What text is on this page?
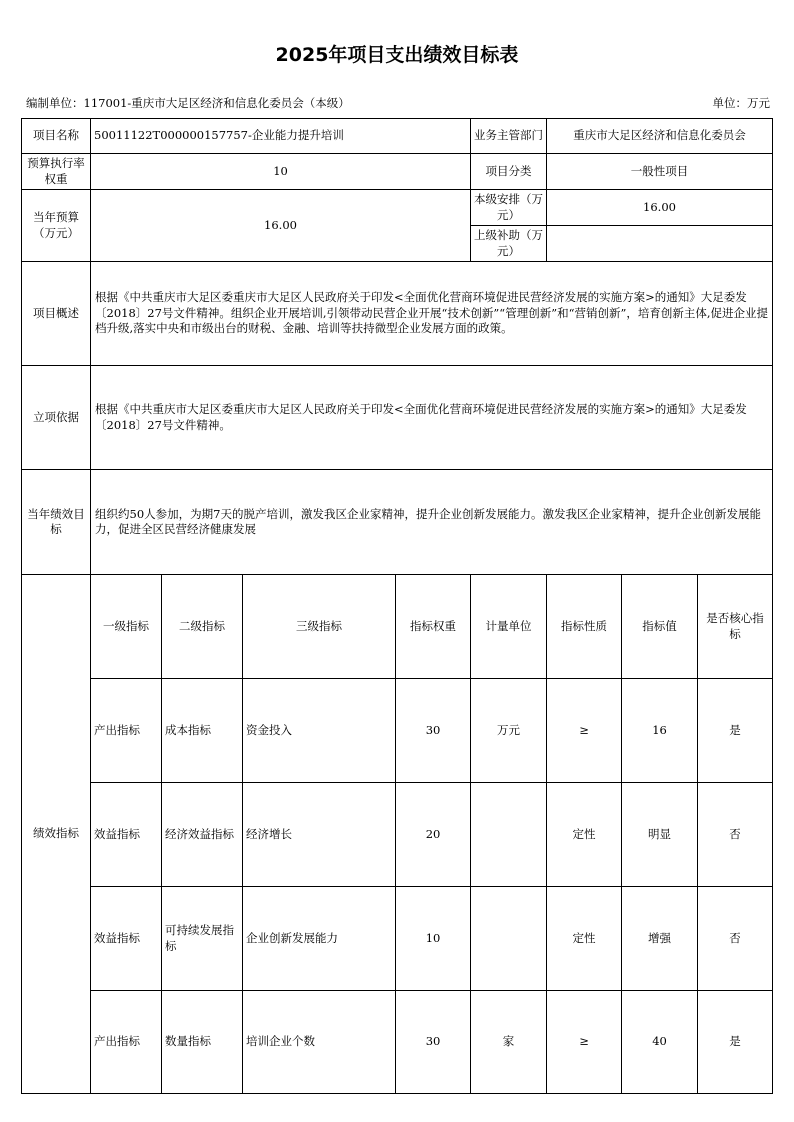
2025年项目支出绩效目标表
编制单位：117001-重庆市大足区经济和信息化委员会（本级）	单位：万元
项目名称	50011122T000000157757-企业能力提升培训				业务主管部门	重庆市大足区经济和信息化委员会		
预算执行率权重	10				项目分类	一般性项目		
当年预算（万元）	16.00				本级安排（万元）	16.00		
					上级补助（万元）			
项目概述	根据《中共重庆市大足区委重庆市大足区人民政府关于印发<全面优化营商环境促进民营经济发展的实施方案>的通知》大足委发〔2018〕27号文件精神。组织企业开展培训,引领带动民营企业开展“技术创新”“管理创新”和“营销创新”，培育创新主体,促进企业提档升级,落实中央和市级出台的财税、金融、培训等扶持微型企业发展方面的政策。							
立项依据	根据《中共重庆市大足区委重庆市大足区人民政府关于印发<全面优化营商环境促进民营经济发展的实施方案>的通知》大足委发〔2018〕27号文件精神。							
当年绩效目标	组织约50人参加，为期7天的脱产培训，激发我区企业家精神，提升企业创新发展能力。激发我区企业家精神，提升企业创新发展能力，促进全区民营经济健康发展							
绩效指标	一级指标	二级指标	三级指标	指标权重	计量单位	指标性质	指标值	是否核心指标
	产出指标	成本指标	资金投入	30	万元	≥	16	是
	效益指标	经济效益指标	经济增长	20		定性	明显	否
	效益指标	可持续发展指标	企业创新发展能力	10		定性	增强	否
	产出指标	数量指标	培训企业个数	30	家	≥	40	是
